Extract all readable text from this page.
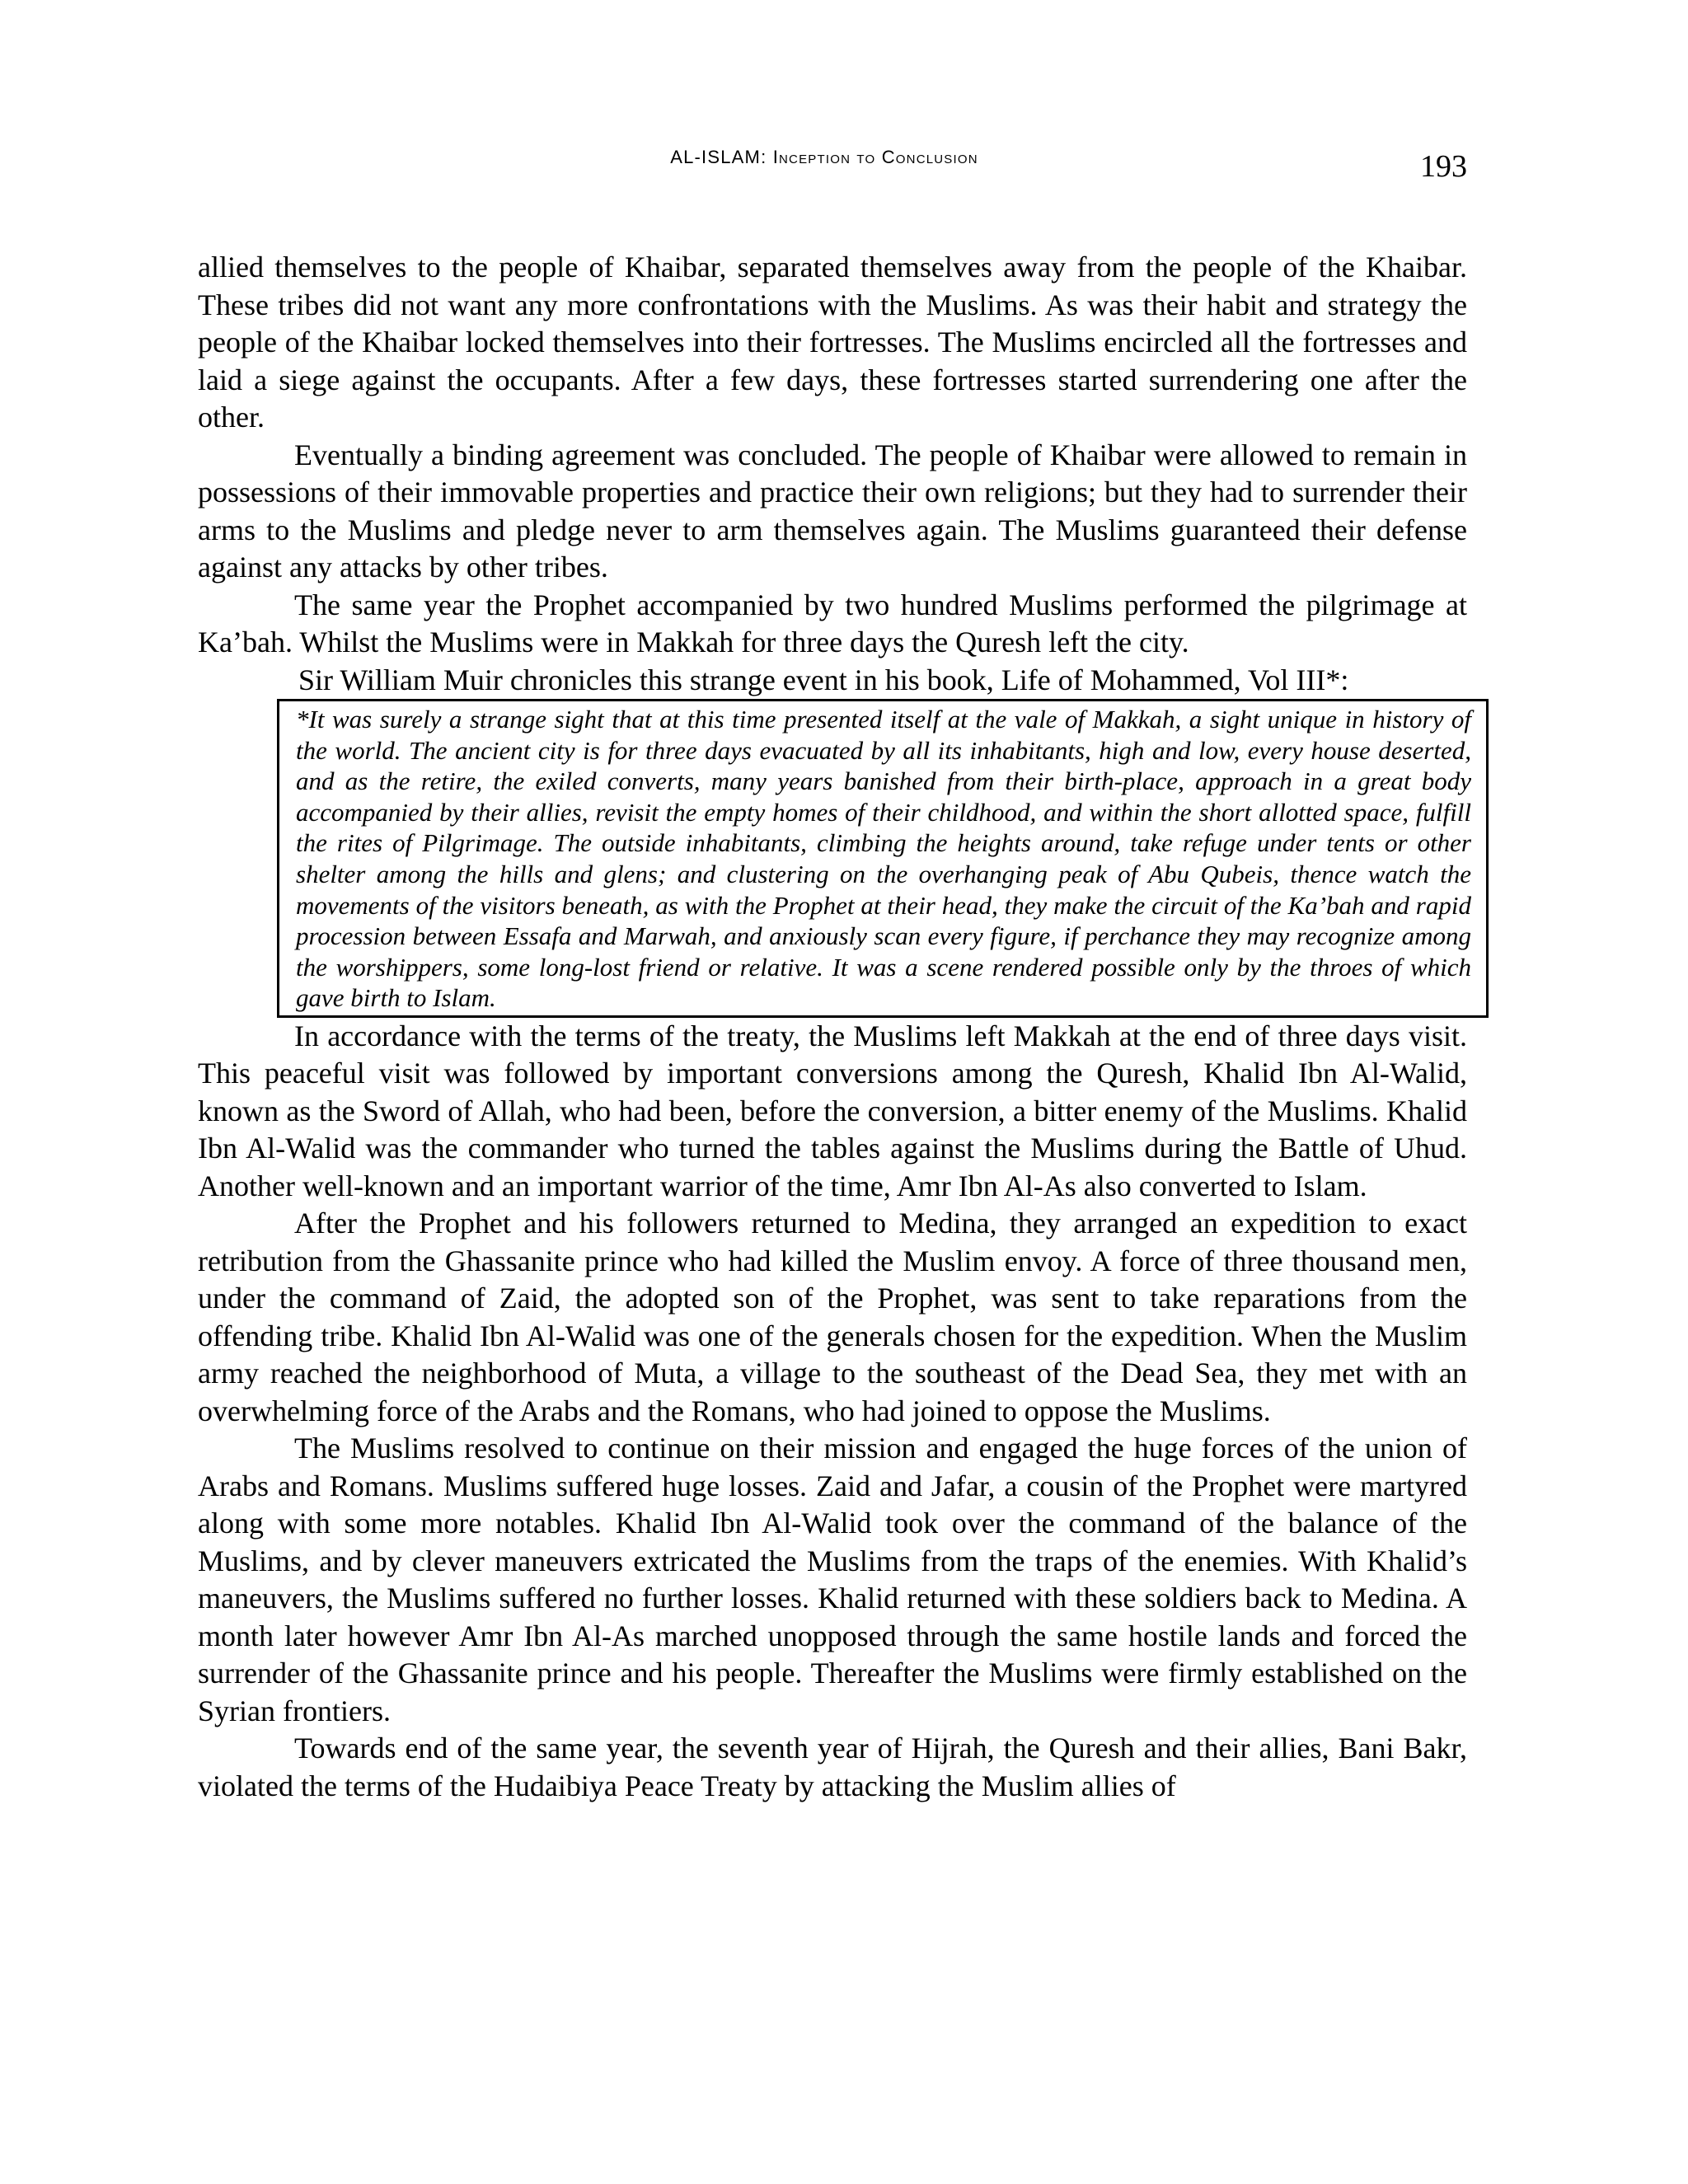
AL-ISLAM: Inception to Conclusion	193

allied themselves to the people of Khaibar, separated themselves away from the people of the Khaibar. These tribes did not want any more confrontations with the Muslims. As was their habit and strategy the people of the Khaibar locked themselves into their fortresses. The Muslims encircled all the fortresses and laid a siege against the occupants. After a few days, these fortresses started surrendering one after the other.

Eventually a binding agreement was concluded. The people of Khaibar were allowed to remain in possessions of their immovable properties and practice their own religions; but they had to surrender their arms to the Muslims and pledge never to arm themselves again. The Muslims guaranteed their defense against any attacks by other tribes.

The same year the Prophet accompanied by two hundred Muslims performed the pilgrimage at Ka’bah. Whilst the Muslims were in Makkah for three days the Quresh left the city.

Sir William Muir chronicles this strange event in his book, Life of Mohammed, Vol III*:

*It was surely a strange sight that at this time presented itself at the vale of Makkah, a sight unique in history of the world. The ancient city is for three days evacuated by all its inhabitants, high and low, every house deserted, and as the retire, the exiled converts, many years banished from their birth-place, approach in a great body accompanied by their allies, revisit the empty homes of their childhood, and within the short allotted space, fulfill the rites of Pilgrimage. The outside inhabitants, climbing the heights around, take refuge under tents or other shelter among the hills and glens; and clustering on the overhanging peak of Abu Qubeis, thence watch the movements of the visitors beneath, as with the Prophet at their head, they make the circuit of the Ka’bah and rapid procession between Essafa and Marwah, and anxiously scan every figure, if perchance they may recognize among the worshippers, some long-lost friend or relative. It was a scene rendered possible only by the throes of which gave birth to Islam.

In accordance with the terms of the treaty, the Muslims left Makkah at the end of three days visit. This peaceful visit was followed by important conversions among the Quresh, Khalid Ibn Al-Walid, known as the Sword of Allah, who had been, before the conversion, a bitter enemy of the Muslims. Khalid Ibn Al-Walid was the commander who turned the tables against the Muslims during the Battle of Uhud. Another well-known and an important warrior of the time, Amr Ibn Al-As also converted to Islam.

After the Prophet and his followers returned to Medina, they arranged an expedition to exact retribution from the Ghassanite prince who had killed the Muslim envoy. A force of three thousand men, under the command of Zaid, the adopted son of the Prophet, was sent to take reparations from the offending tribe. Khalid Ibn Al-Walid was one of the generals chosen for the expedition. When the Muslim army reached the neighborhood of Muta, a village to the southeast of the Dead Sea, they met with an overwhelming force of the Arabs and the Romans, who had joined to oppose the Muslims.

The Muslims resolved to continue on their mission and engaged the huge forces of the union of Arabs and Romans. Muslims suffered huge losses. Zaid and Jafar, a cousin of the Prophet were martyred along with some more notables. Khalid Ibn Al-Walid took over the command of the balance of the Muslims, and by clever maneuvers extricated the Muslims from the traps of the enemies. With Khalid’s maneuvers, the Muslims suffered no further losses. Khalid returned with these soldiers back to Medina. A month later however Amr Ibn Al-As marched unopposed through the same hostile lands and forced the surrender of the Ghassanite prince and his people. Thereafter the Muslims were firmly established on the Syrian frontiers.

Towards end of the same year, the seventh year of Hijrah, the Quresh and their allies, Bani Bakr, violated the terms of the Hudaibiya Peace Treaty by attacking the Muslim allies of
